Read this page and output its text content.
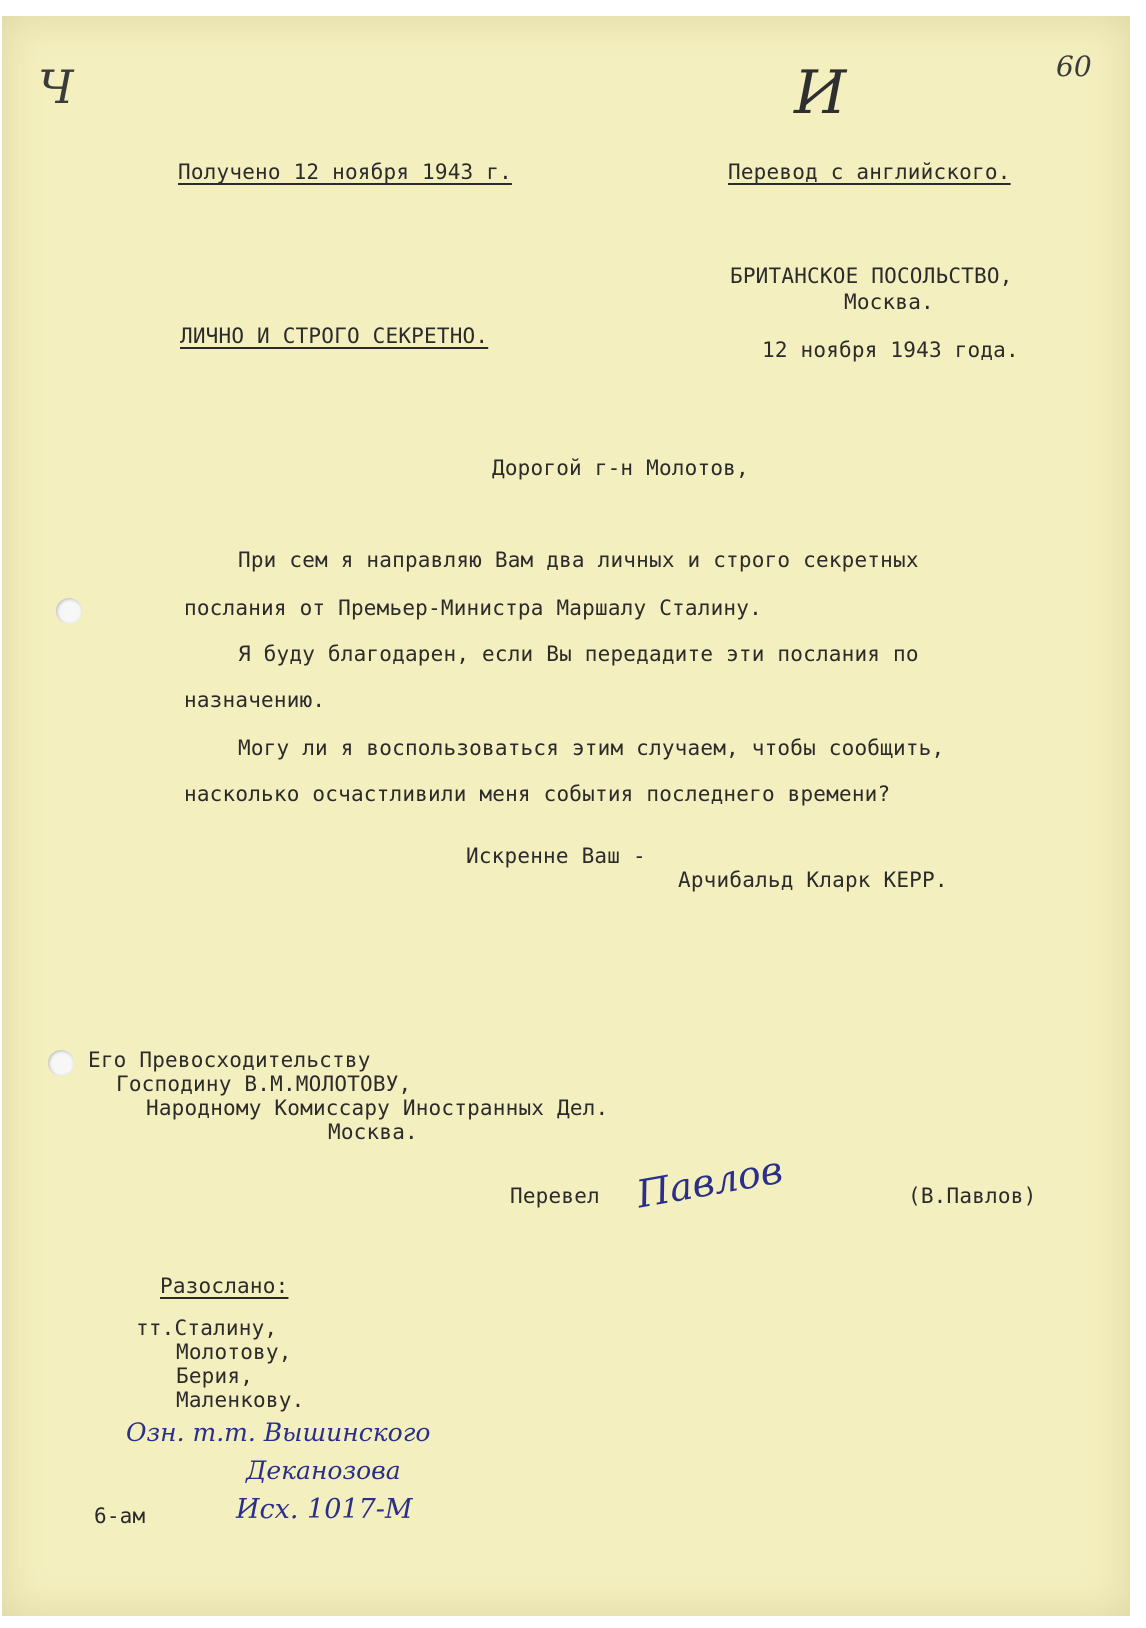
Ч	И	60
Получено 12 ноября 1943 г.	Перевод с английского.
БРИТАНСКОЕ ПОСОЛЬСТВО,
Москва.
ЛИЧНО И СТРОГО СЕКРЕТНО.
12 ноября 1943 года.
Дорогой г-н Молотов,
При сем я направляю Вам два личных и строго секретных
послания от Премьер-Министра Маршалу Сталину.
Я буду благодарен, если Вы передадите эти послания по
назначению.
Могу ли я воспользоваться этим случаем, чтобы сообщить,
насколько осчастливили меня события последнего времени?
Искренне Ваш -
Арчибальд Кларк КЕРР.
Его Превосходительству
Господину В.М.МОЛОТОВУ,
Народному Комиссару Иностранных Дел.
Москва.
Перевел Павлов	(В.Павлов)
Разослано:
тт.Сталину,
Молотову,
Берия,
Маленкову.
Озн. т.т. Вышинского
Деканозова
Исх. 1017-М
6-ам
